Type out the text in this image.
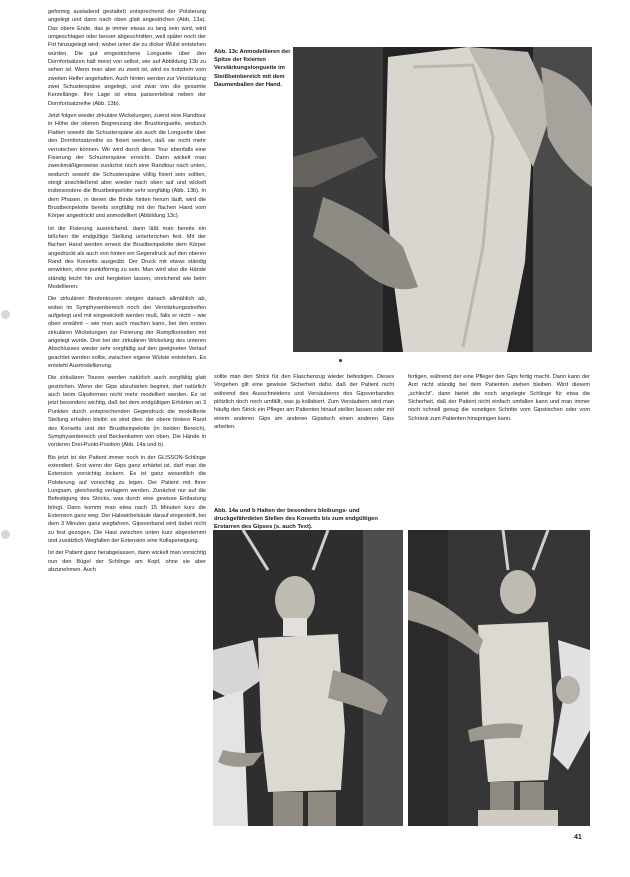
geformig ausladend gestaltet) entsprechend der Polsterung angelegt und dann nach oben glatt angestrichen (Abb. 13a). Das obere Ende, das je immer etwas zu lang sein wird, wird umgeschlagen oder besser abgeschnitten, weil später noch der Firt hinzugelegt wird; wobei unter die zu dicker Wülst entstehen würden. Die gut eingestrichene Longuette über den Dornfortsätzen hält meist von selbst, wie auf Abbildung 13b zu sehen ist. Wenn man aber zu zweit ist, wird es trotzdem vom zweiten Helfer angehalten. Auch hinten werden zur Verstärkung zwei Schusterspäne angelegt, und zwar von die gesamte Kerzellänge. Ihre Lage ist etwa paravertebral neben der Dornfortsatzreihe (Abb. 13b).

Jetzt folgen wieder zirkuläre Wickelungen, zuerst eine Randtour in Höhe der oberen Begrenzung der Brustlonguette, wodurch Flatten sowohl die Schusterspäne als auch die Longuette über den Dornfortsatzreihe so fixiert werden, daß sie nicht mehr verrutschen können. Wir wird durch diese Tour ebenfalls eine Fixierung der Schusterspäne erreicht. Dann wickelt man zweckmäßigerweise zunächst noch eine Randtour nach unten, wodurch sowohl die Schusterspäne völlig fixiert sein sollten, steigt anschließend aber wieder nach oben auf und wickelt insbesondere die Brustbeinpelotte sehr sorgfältig (Abb. 13b). In dem Phasen, in denen die Binde hinten herum läuft, wird die Brustbeinpelotte bereits sorgfältig mit der flachen Hand vom Körper angedrückt und anmodelliert (Abbildung 13c).

Ist die Fixierung ausreichend, dann läßt man bereits ein bißchen die endgültige Stellung unterbrochen fest. Mit der flachen Hand werden erneut die Brustbeinpelotte dem Körper angedrückt als auch von hinten ein Gegendruck auf den oberen Rand des Korsetts ausgeübt. Der Druck mit etwas ständig einwirken, ohne punktförmig zu sein. Man wird also die Hände ständig leicht hin und hergleiten lassen, streichend wie beim Modellieren.

Die zirkulären Bindentouren steigen danach allmählich ab, wobei im Symphysenbereich noch der Verstärkungsstreifen aufgelegt und mit eingewickelt werden muß, falls er nicht – wie oben erwähnt – wie man auch machen kann, bei den ersten zirkulären Wickelungen zur Fixierung der Rumpfkorsetten mit angelegt wurde. Drei bei der zirkulären Wickelung des unteren Abschlusses wieder sehr sorgfältig auf den geeigneten Verlauf geachtet werden sollte, zwischen eigene Wülste entstehen. Es entsteht Ausmodellierung.

Die zirkulären Touren werden natürlich auch sorgfältig glatt gestrichen. Wenn der Gips abzuhärten beginnt, darf natürlich auch beim Gipsformen nicht mehr modelliert werden. Es ist jetzt besonders wichtig, daß bei dem endgültigen Erhärten an 3 Punkten durch entsprechenden Gegendruck die modellierte Stellung erhalten bleibt: es sind dies: der obere hintere Rand des Korsetts und der Brustbeinpelotte (in beiden Bereich), Symphysenbereich und Beckenkamm von oben. Die Hände in vorderen Drei-Punkt-Position (Abb. 14a und b).

Bis jetzt ist der Patient immer noch in der GLISSON-Schlinge extendiert. Erst wenn der Gips ganz erhärtet ist, darf man die Extension vorsichtig lockern. Es ist ganz wesentlich die Polsterung auf vorsichtig zu legen. Der Patient mit Ihrer Lungsam, gleichzeitig verlagern werden. Zunächst nur auf die Befestigung des Stricks, was durch eine gewisse Entlastung bringt. Dann kommt man etwa nach 15 Minuten kurz die Extension ganz weg. Der Halswirbelsäule darauf eingestellt, bei dem 3 Minuten ganz wegfahren. Gipsverband wird dabei nicht zu fest gezogen. Die Haut zwischen unten kurz abgestemmt und zusätzlich Wegfallen der Extension eine Kollapsneigung.

Ist der Patient ganz herabgelassen, dann wickelt man vorsichtig nun den Bügel der Schlinge am Kopf, ohne sie aber abzunehmen. Auch

Abb. 13c Anmodellieren der Spitze der fixierten Verstärkungslongueite im Steißbeinbereich mit dem Daumenballen der Hand.

sollte man den Strick für den Flaschenzug wieder befestigen. Dieses Vorgehen gilt eine gewisse Sicherheit dafür, daß der Patient nicht während des Ausschneidens und Versäuberns des Gipsverbandes plötzlich doch noch umfällt, was ja kollabiert. Zum Versäubern wird man häufig den Strick ein Pfleger am Patienten hinauf stellen lassen oder mit einem anderen Gips am anderen Gipstisch einen anderen Gips arbeiten.

fertigen, während der eine Pfleger den Gips fertig macht. Dann kann der Arzt nicht ständig bei dem Patienten stehen bleiben. Wird diesem „schlecht“, dann bietet die noch angelegte Schlinge für etwa die Sicherheit, daß der Patient nicht einfach umfallen kann und man immer noch schnell genug die sonstigen Schritte vom Gipstischen oder vom Schrank zum Patienten hinspringen kann.

Abb. 14a und b Halten der besonders bleibungs- und druckgefährdeten Stellen des Korsetts bis zum endgültigen Erstarren des Gipses (s. auch Text).
41
